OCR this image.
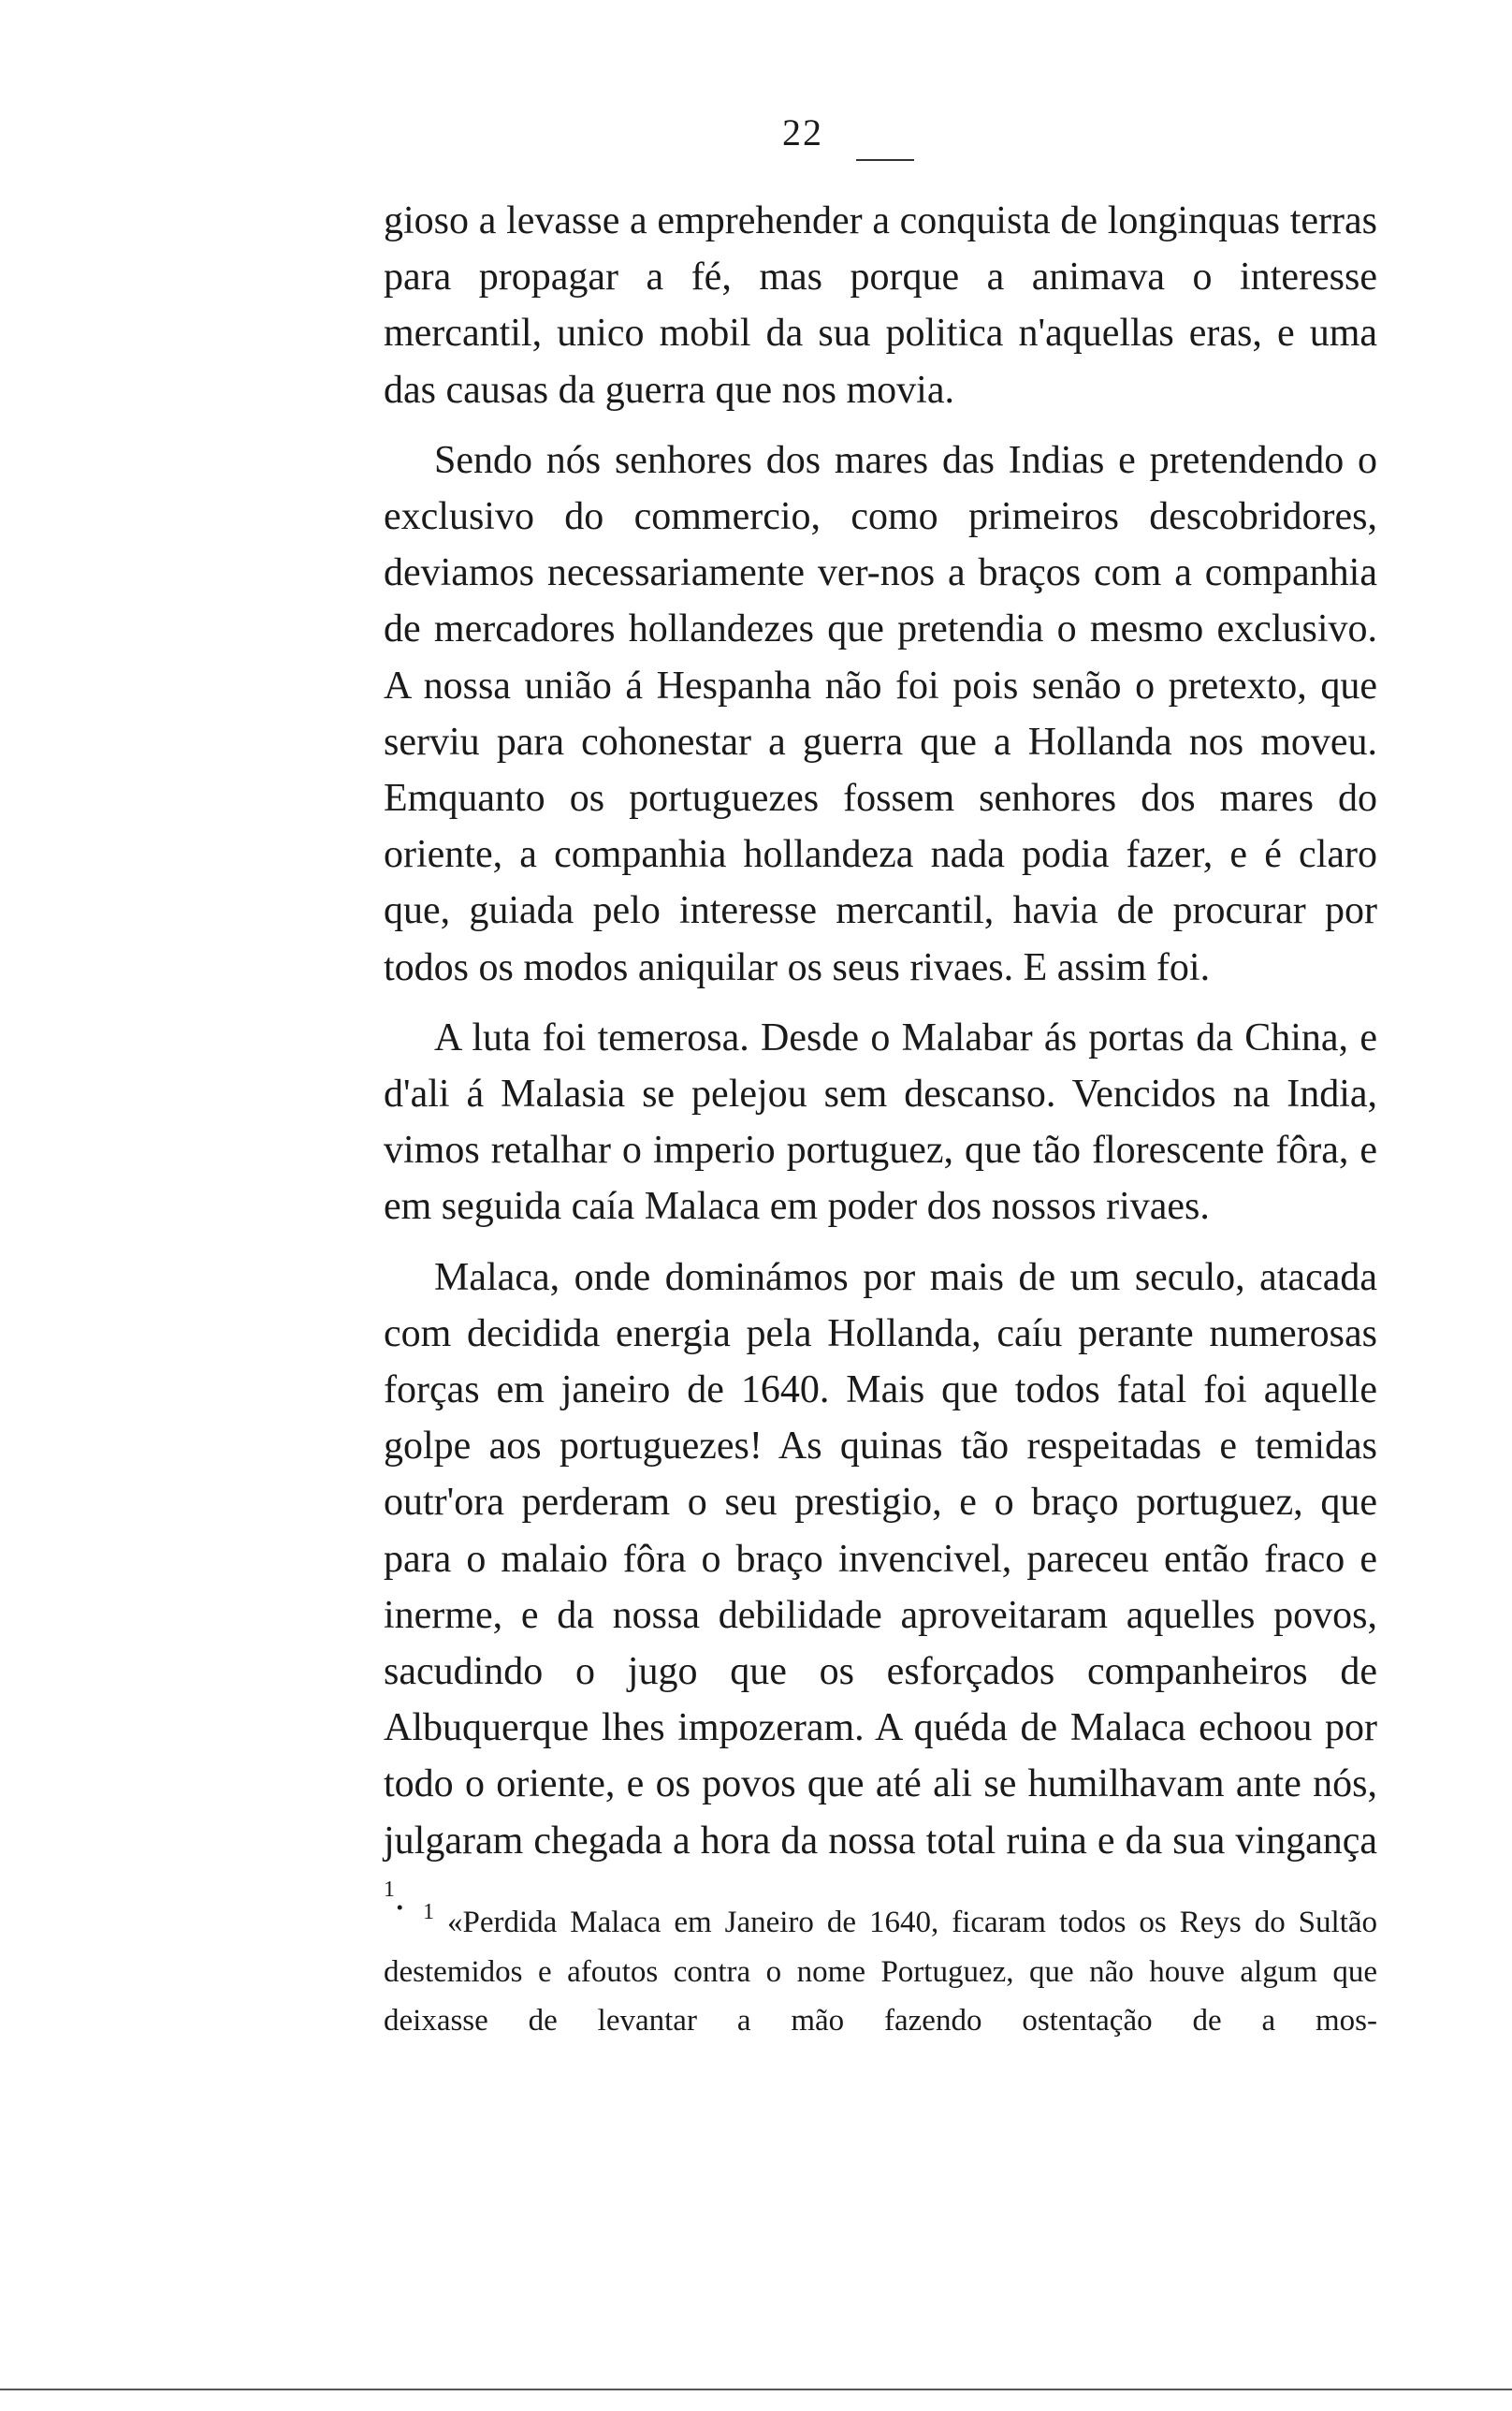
22

gioso a levasse a emprehender a conquista de longinquas terras para propagar a fé, mas porque a animava o interesse mercantil, unico mobil da sua politica n'aquellas eras, e uma das causas da guerra que nos movia.

Sendo nós senhores dos mares das Indias e pretendendo o exclusivo do commercio, como primeiros descobridores, deviamos necessariamente ver-nos a braços com a companhia de mercadores hollandezes que pretendia o mesmo exclusivo. A nossa união á Hespanha não foi pois senão o pretexto, que serviu para cohonestar a guerra que a Hollanda nos moveu. Emquanto os portuguezes fossem senhores dos mares do oriente, a companhia hollandeza nada podia fazer, e é claro que, guiada pelo interesse mercantil, havia de procurar por todos os modos aniquilar os seus rivaes. E assim foi.

A luta foi temerosa. Desde o Malabar ás portas da China, e d'ali á Malasia se pelejou sem descanso. Vencidos na India, vimos retalhar o imperio portuguez, que tão florescente fôra, e em seguida caía Malaca em poder dos nossos rivaes.

Malaca, onde dominámos por mais de um seculo, atacada com decidida energia pela Hollanda, caíu perante numerosas forças em janeiro de 1640. Mais que todos fatal foi aquelle golpe aos portuguezes! As quinas tão respeitadas e temidas outr'ora perderam o seu prestigio, e o braço portuguez, que para o malaio fôra o braço invencivel, pareceu então fraco e inerme, e da nossa debilidade aproveitaram aquelles povos, sacudindo o jugo que os esforçados companheiros de Albuquerque lhes impozeram. A quéda de Malaca echoou por todo o oriente, e os povos que até ali se humilhavam ante nós, julgaram chegada a hora da nossa total ruina e da sua vingança $^1$. $^1$ «Perdida Malaca em Janeiro de 1640, ficaram todos os Reys do Sultão destemidos e afoutos contra o nome Portuguez, que não houve algum que deixasse de levantar a mão fazendo ostentação de a mos-
